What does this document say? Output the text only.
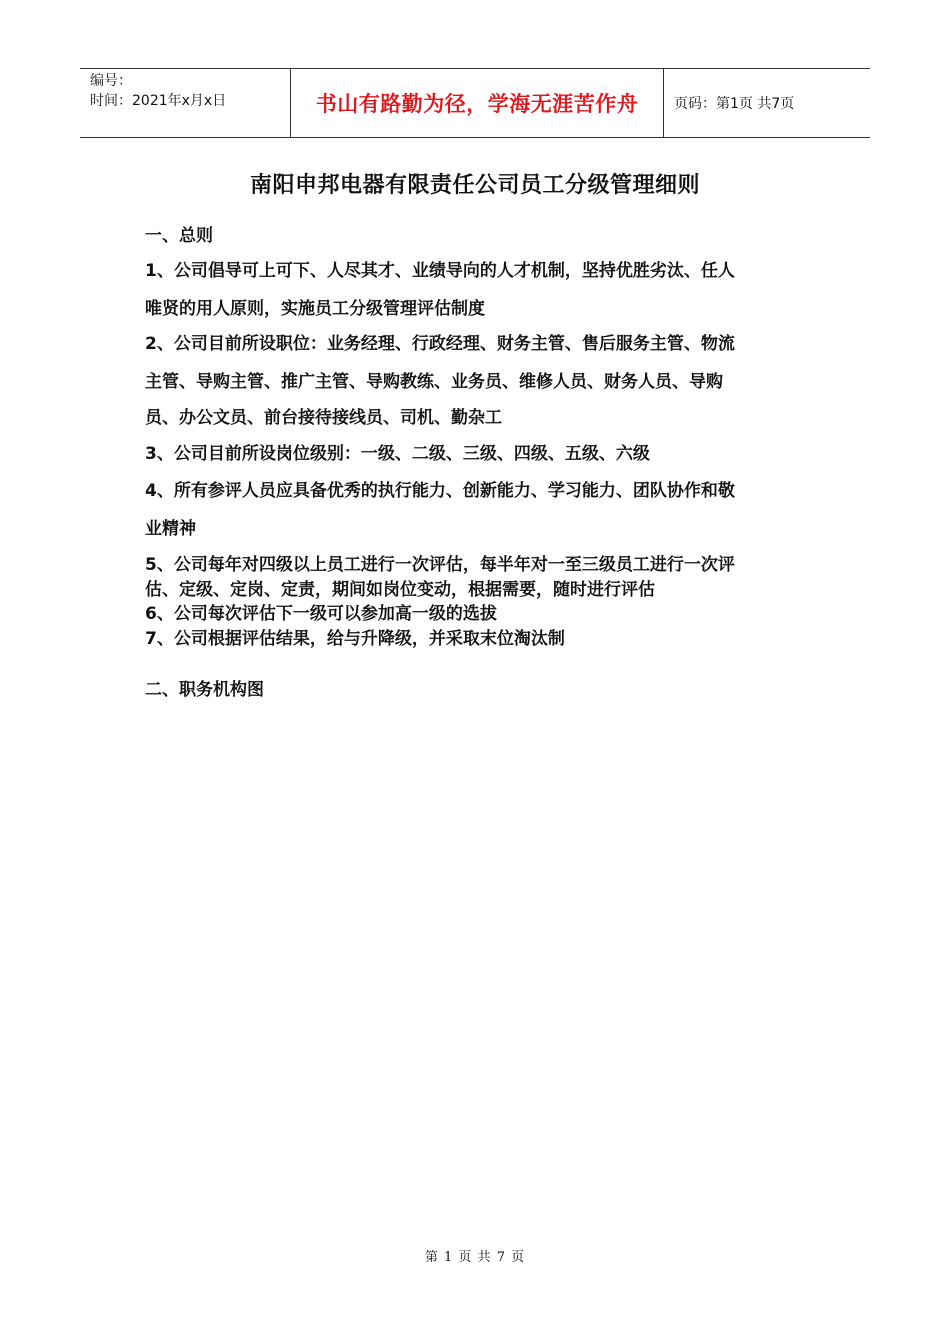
编号：
时间：2021年x月x日	书山有路勤为径，学海无涯苦作舟	页码：第1页 共7页
南阳申邦电器有限责任公司员工分级管理细则
一、总则
1、公司倡导可上可下、人尽其才、业绩导向的人才机制，坚持优胜劣汰、任人
唯贤的用人原则，实施员工分级管理评估制度
2、公司目前所设职位：业务经理、行政经理、财务主管、售后服务主管、物流
主管、导购主管、推广主管、导购教练、业务员、维修人员、财务人员、导购
员、办公文员、前台接待接线员、司机、勤杂工
3、公司目前所设岗位级别：一级、二级、三级、四级、五级、六级
4、所有参评人员应具备优秀的执行能力、创新能力、学习能力、团队协作和敬
业精神
5、公司每年对四级以上员工进行一次评估，每半年对一至三级员工进行一次评
估、定级、定岗、定责，期间如岗位变动，根据需要，随时进行评估
6、公司每次评估下一级可以参加高一级的选拔
7、公司根据评估结果，给与升降级，并采取末位淘汰制
二、职务机构图
第 1 页 共 7 页
